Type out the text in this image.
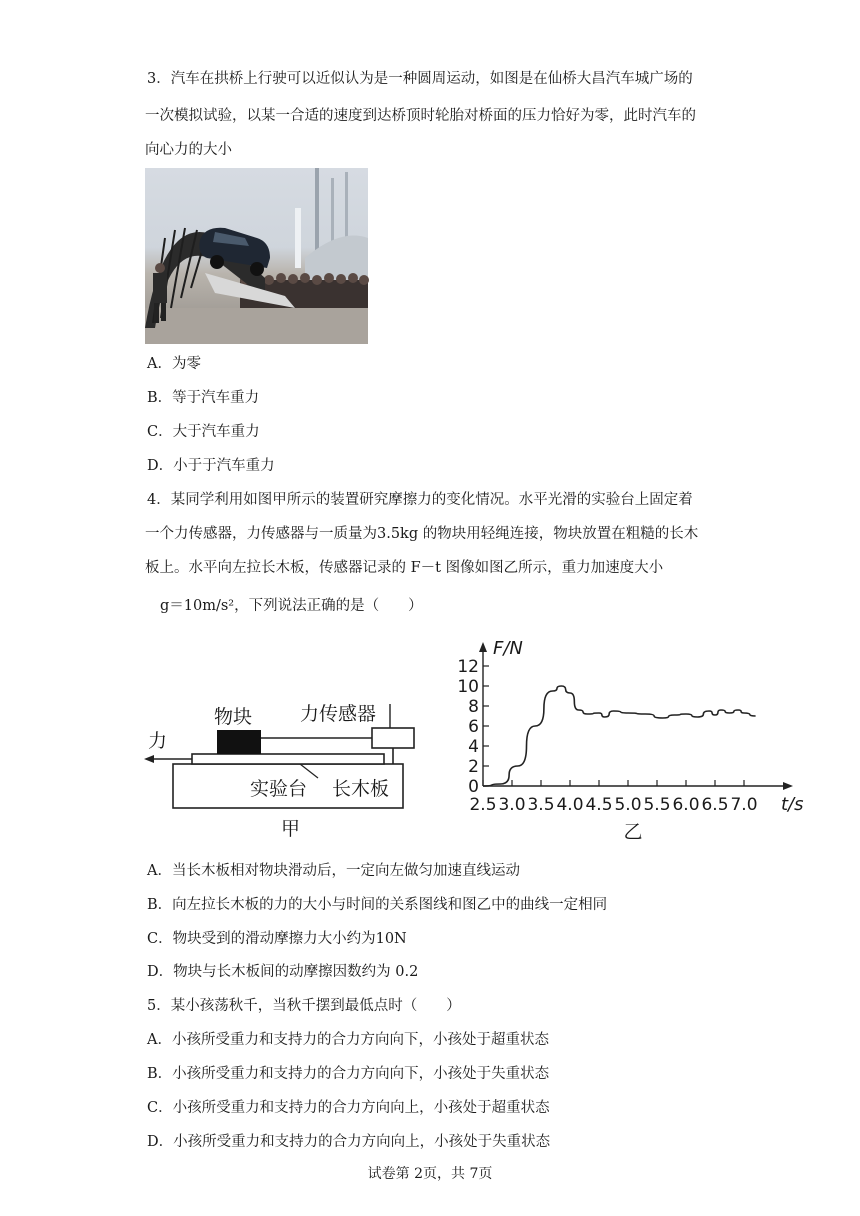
3．汽车在拱桥上行驶可以近似认为是一种圆周运动，如图是在仙桥大昌汽车城广场的
一次模拟试验，以某一合适的速度到达桥顶时轮胎对桥面的压力恰好为零，此时汽车的
向心力的大小
A．为零
B．等于汽车重力
C．大于汽车重力
D．小于于汽车重力
4．某同学利用如图甲所示的装置研究摩擦力的变化情况。水平光滑的实验台上固定着
一个力传感器，力传感器与一质量为3.5kg 的物块用轻绳连接，物块放置在粗糙的长木
板上。水平向左拉长木板，传感器记录的 F－t 图像如图乙所示，重力加速度大小
g＝10m/s²，下列说法正确的是（　　）
物块	力传感器
力
实验台 长木板
甲
0
2
4
6
8
10
12
2.5 3.0 3.5 4.0 4.5 5.0 5.5 6.0 6.5 7.0
F/N
t/s
乙
A．当长木板相对物块滑动后，一定向左做匀加速直线运动
B．向左拉长木板的力的大小与时间的关系图线和图乙中的曲线一定相同
C．物块受到的滑动摩擦力大小约为10N
D．物块与长木板间的动摩擦因数约为 0.2
5．某小孩荡秋千，当秋千摆到最低点时（　　）
A．小孩所受重力和支持力的合力方向向下，小孩处于超重状态
B．小孩所受重力和支持力的合力方向向下，小孩处于失重状态
C．小孩所受重力和支持力的合力方向向上，小孩处于超重状态
D．小孩所受重力和支持力的合力方向向上，小孩处于失重状态
试卷第 2页，共 7页
